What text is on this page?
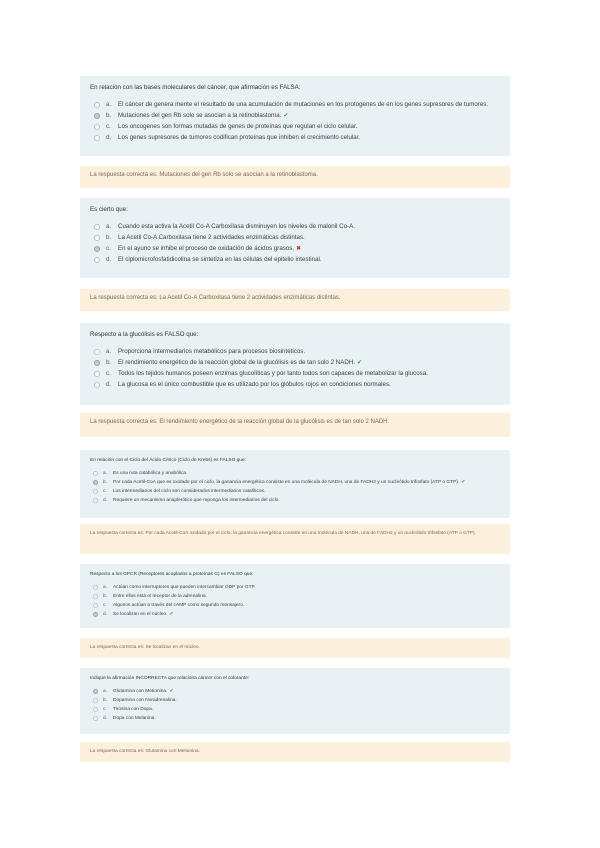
En relación con las bases moleculares del cáncer, que afirmación es FALSA:

a.	El cáncer de genera mente el resultado de una acumulación de mutaciones en los protogenes de en los genes supresores de tumores.
b.	Mutaciones del gen Rb solo se asocian a la retinoblastoma. ✔
c.	Los oncogenes son formas mutadas de genes de proteínas que regulan el ciclo celular.
d.	Los genes supresores de tumores codifican proteínas que inhiben el crecimiento celular.

La respuesta correcta es: Mutaciones del gen Rb solo se asocian a la retinoblastoma.

Es cierto que:

a.	Cuando esta activa la Acetil Co-A Carboxilasa disminuyen los niveles de malonil Co-A.
b.	La Acetil Co-A Carboxilasa tiene 2 actividades enzimáticas distintas.
c.	En el ayuno se inhibe el proceso de oxidación de ácidos grasos. ✖
d.	El ciplomicrofosfatidicolina se sintetiza en las células del epitelio intestinal.

La respuesta correcta es: La Acetil Co-A Carboxilasa tiene 2 actividades enzimáticas distintas.

Respecto a la glucólisis es FALSO que:

a.	Proporciona intermediarios metabólicos para procesos biosintéticos.
b.	El rendimiento energético de la reacción global de la glucólisis es de tan solo 2 NADH. ✔
c.	Todos los tejidos humanos poseen enzimas glucolíticas y por tanto todos son capaces de metabolizar la glucosa.
d.	La glucosa es el único combustible que es utilizado por los glóbulos rojos en condiciones normales.

La respuesta correcta es: El rendimiento energético de la reacción global de la glucólisis es de tan solo 2 NADH.

En relación con el Ciclo del Ácido Cítrico (Ciclo de Krebs) es FALSO que:

a.	Es una ruta catabólica y anabólica.
b.	Por cada Acetil-CoA que es oxidado por el ciclo, la ganancia energética consiste en una molécula de NADH, una de FADH2 y un nucleótido trifosfato (ATP o GTP). ✔
c.	Los intermediarios del ciclo son considerados intermediarios catalíticos.
d.	Requiere un mecanismo anaplerótico que reponga los intermediarios del ciclo.

La respuesta correcta es: Por cada Acetil-CoA oxidado por el ciclo, la ganancia energética consiste en una molécula de NADH, una de FADH2 y un nucleótido trifosfato (ATP o GTP).

Respecto a los GPCR (Receptores acoplados a proteínas G) es FALSO que:

a.	Actúan como interruptores que pueden intercambiar GDP por GTP.
b.	Entre ellos está el receptor de la adrenalina.
c.	Algunos actúan a través del cAMP como segundo mensajero.
d.	Se localizan en el núcleo. ✔

La respuesta correcta es: Se localizan en el núcleo.

Indique la afirmación INCORRECTA que relaciona cáncer con el colorante:

a.	Glutamina con Metionina. ✔
b.	Dopamina con Noradrenalina.
c.	Tirosina con Dopa.
d.	Dopa con Melanina.

La respuesta correcta es: Glutamina con Metionina.
